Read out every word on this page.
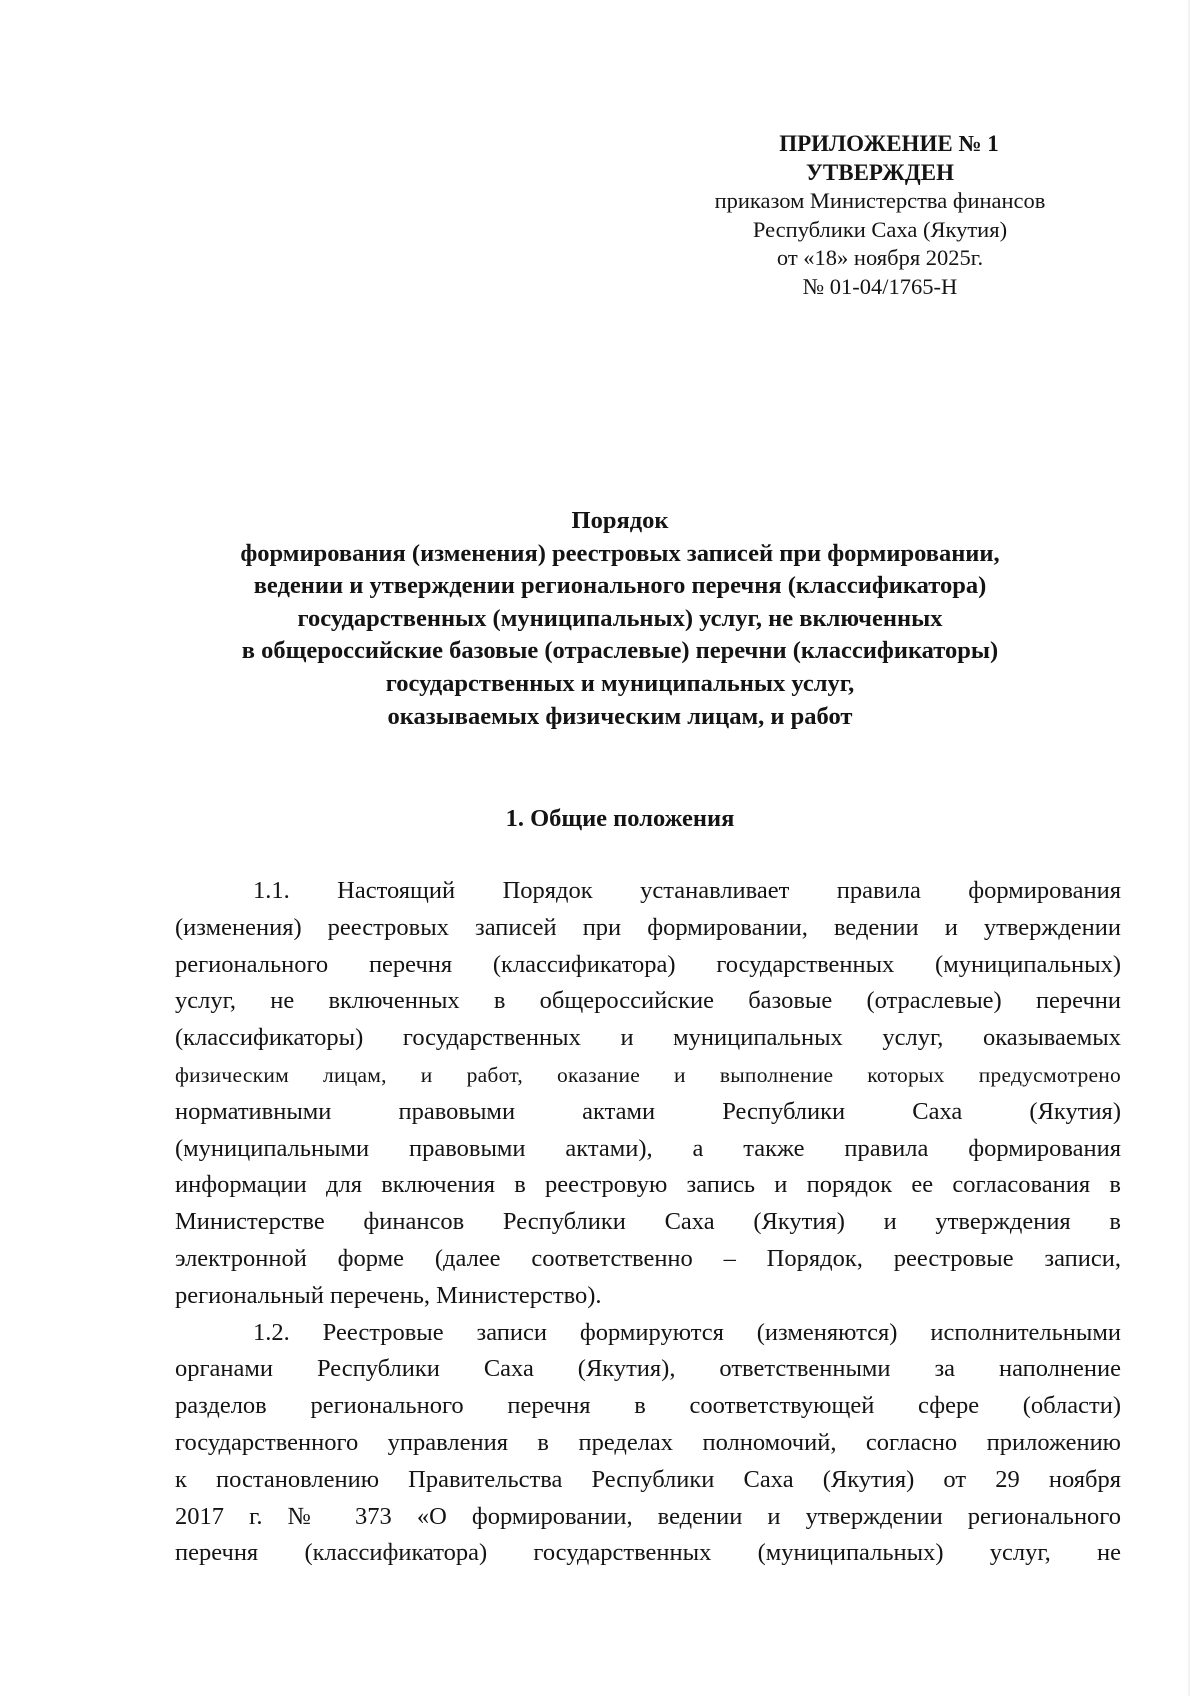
ПРИЛОЖЕНИЕ № 1
УТВЕРЖДЕН
приказом Министерства финансов
Республики Саха (Якутия)
от «18» ноября 2025г.
№ 01-04/1765-Н
Порядок
формирования (изменения) реестровых записей при формировании,
ведении и утверждении регионального перечня (классификатора)
государственных (муниципальных) услуг, не включенных
в общероссийские базовые (отраслевые) перечни (классификаторы)
государственных и муниципальных услуг,
оказываемых физическим лицам, и работ
1. Общие положения
1.1. Настоящий Порядок устанавливает правила формирования
(изменения) реестровых записей при формировании, ведении и утверждении
регионального перечня (классификатора) государственных (муниципальных)
услуг, не включенных в общероссийские базовые (отраслевые) перечни
(классификаторы) государственных и муниципальных услуг, оказываемых
физическим лицам, и работ, оказание и выполнение которых предусмотрено
нормативными правовыми актами Республики Саха (Якутия)
(муниципальными правовыми актами), а также правила формирования
информации для включения в реестровую запись и порядок ее согласования в
Министерстве финансов Республики Саха (Якутия) и утверждения в
электронной форме (далее соответственно – Порядок, реестровые записи,
региональный перечень, Министерство).
1.2. Реестровые записи формируются (изменяются) исполнительными
органами Республики Саха (Якутия), ответственными за наполнение
разделов регионального перечня в соответствующей сфере (области)
государственного управления в пределах полномочий, согласно приложению
к постановлению Правительства Республики Саха (Якутия) от 29 ноября
2017 г. № 373 «О формировании, ведении и утверждении регионального
перечня (классификатора) государственных (муниципальных) услуг, не
